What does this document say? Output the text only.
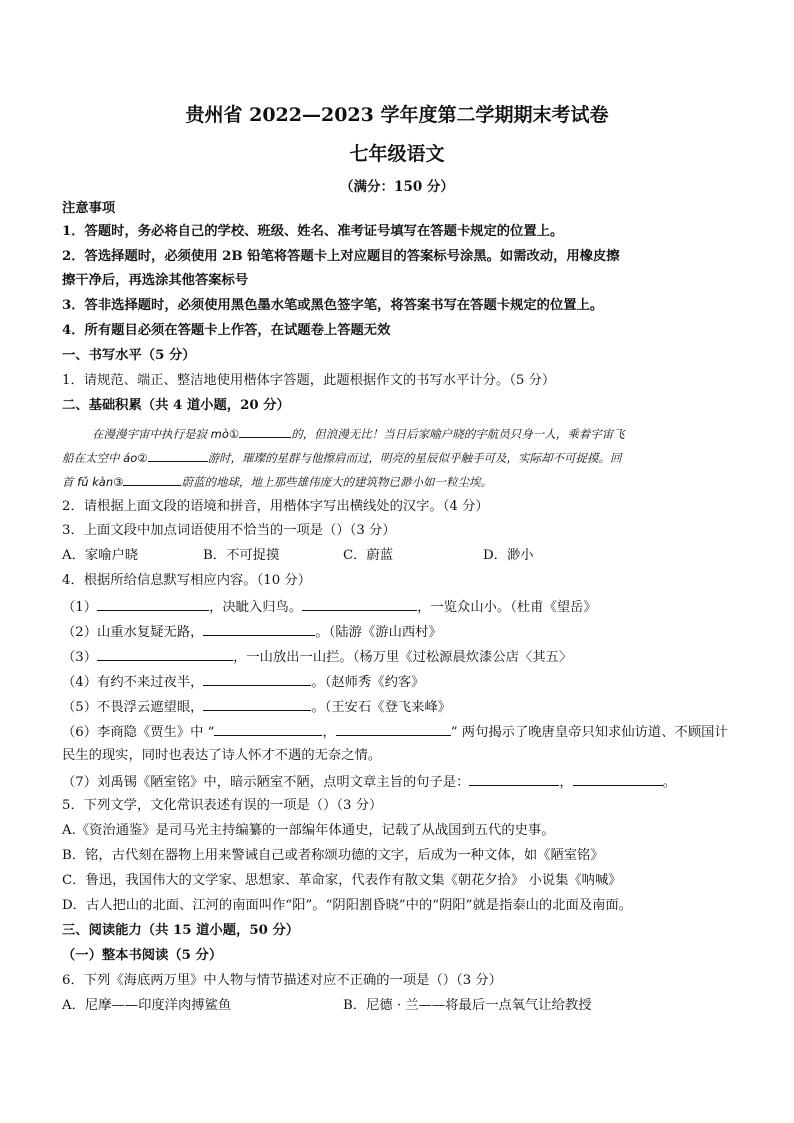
贵州省 2022—2023 学年度第二学期期末考试卷
七年级语文
（满分：150 分）
注意事项
1．答题时，务必将自己的学校、班级、姓名、准考证号填写在答题卡规定的位置上。
2．答选择题时，必须使用 2B 铅笔将答题卡上对应题目的答案标号涂黑。如需改动，用橡皮擦
擦干净后，再选涂其他答案标号
3．答非选择题时，必须使用黑色墨水笔或黑色签字笔，将答案书写在答题卡规定的位置上。
4．所有题目必须在答题卡上作答，在试题卷上答题无效
一、书写水平（5 分）
1．请规范、端正、整洁地使用楷体字答题，此题根据作文的书写水平计分。（5 分）
二、基础积累（共 4 道小题，20 分）
在漫漫宇宙中执行是寂 mò①	的，但浪漫无比！当日后家喻户晓的宇航员只身一人，乘着宇宙飞
船在太空中 áo②	游时，璀璨的星群与他擦肩而过，明亮的星辰似乎触手可及，实际却不可捉摸。回
首 fǔ kàn③	蔚蓝的地球，地上那些雄伟庞大的建筑物已渺小如一粒尘埃。
2．请根据上面文段的语境和拼音，用楷体字写出横线处的汉字。（4 分）
3．上面文段中加点词语使用不恰当的一项是（）（3 分）
A．家喻户晓	B．不可捉摸	C．蔚蓝	D．渺小
4．根据所给信息默写相应内容。（10 分）
（1）	，决眦入归鸟。	，一览众山小。（杜甫《望岳》
（2）山重水复疑无路，	。（陆游《游山西村》
（3）	，一山放出一山拦。（杨万里《过松源晨炊漆公店〈其五〉
（4）有约不来过夜半，	。（赵师秀《约客》
（5）不畏浮云遮望眼，	。（王安石《登飞来峰》
（6）李商隐《贾生》中 “	，	” 两句揭示了晚唐皇帝只知求仙访道、不顾国计
民生的现实，同时也表达了诗人怀才不遇的无奈之情。
（7）刘禹锡《陋室铭》中，暗示陋室不陋，点明文章主旨的句子是：	，	。
5．下列文学，文化常识表述有误的一项是（）（3 分）
A.《资治通鉴》是司马光主持编纂的一部编年体通史，记载了从战国到五代的史事。
B．铭，古代刻在器物上用来警诫自己或者称颂功德的文字，后成为一种文体，如《陋室铭》
C．鲁迅，我国伟大的文学家、思想家、革命家，代表作有散文集《朝花夕拾》 小说集《呐喊》
D．古人把山的北面、江河的南面叫作“阳”。“阴阳割昏晓”中的“阴阳”就是指泰山的北面及南面。
三、阅读能力（共 15 道小题，50 分）
（一）整本书阅读（5 分）
6．下列《海底两万里》中人物与情节描述对应不正确的一项是（）（3 分）
A．尼摩——印度洋肉搏鲨鱼	B．尼德 · 兰——将最后一点氧气让给教授
